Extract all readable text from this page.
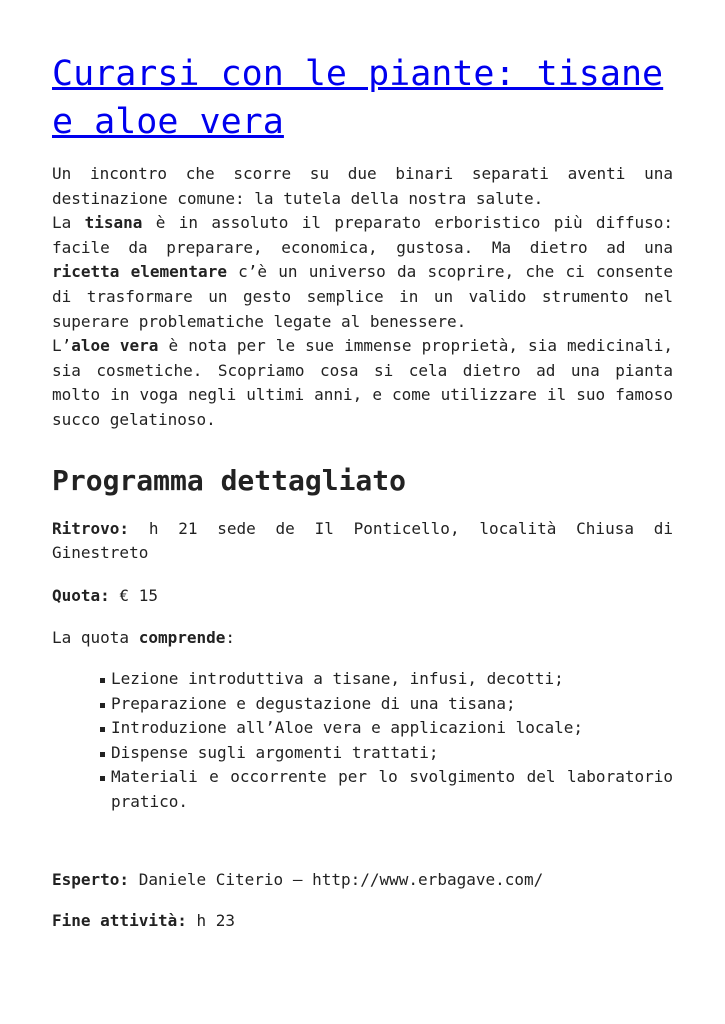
Curarsi con le piante: tisane e aloe vera

Un incontro che scorre su due binari separati aventi una destinazione comune: la tutela della nostra salute.

La tisana è in assoluto il preparato erboristico più diffuso: facile da preparare, economica, gustosa. Ma dietro ad una ricetta elementare c’è un universo da scoprire, che ci consente di trasformare un gesto semplice in un valido strumento nel superare problematiche legate al benessere.

L’aloe vera è nota per le sue immense proprietà, sia medicinali, sia cosmetiche. Scopriamo cosa si cela dietro ad una pianta molto in voga negli ultimi anni, e come utilizzare il suo famoso succo gelatinoso.

Programma dettagliato

Ritrovo: h 21 sede de Il Ponticello, località Chiusa di Ginestreto

Quota: € 15

La quota comprende:

Lezione introduttiva a tisane, infusi, decotti;
Preparazione e degustazione di una tisana;
Introduzione all’Aloe vera e applicazioni locale;
Dispense sugli argomenti trattati;
Materiali e occorrente per lo svolgimento del laboratorio pratico.

Esperto: Daniele Citerio – http://www.erbagave.com/

Fine attività: h 23
